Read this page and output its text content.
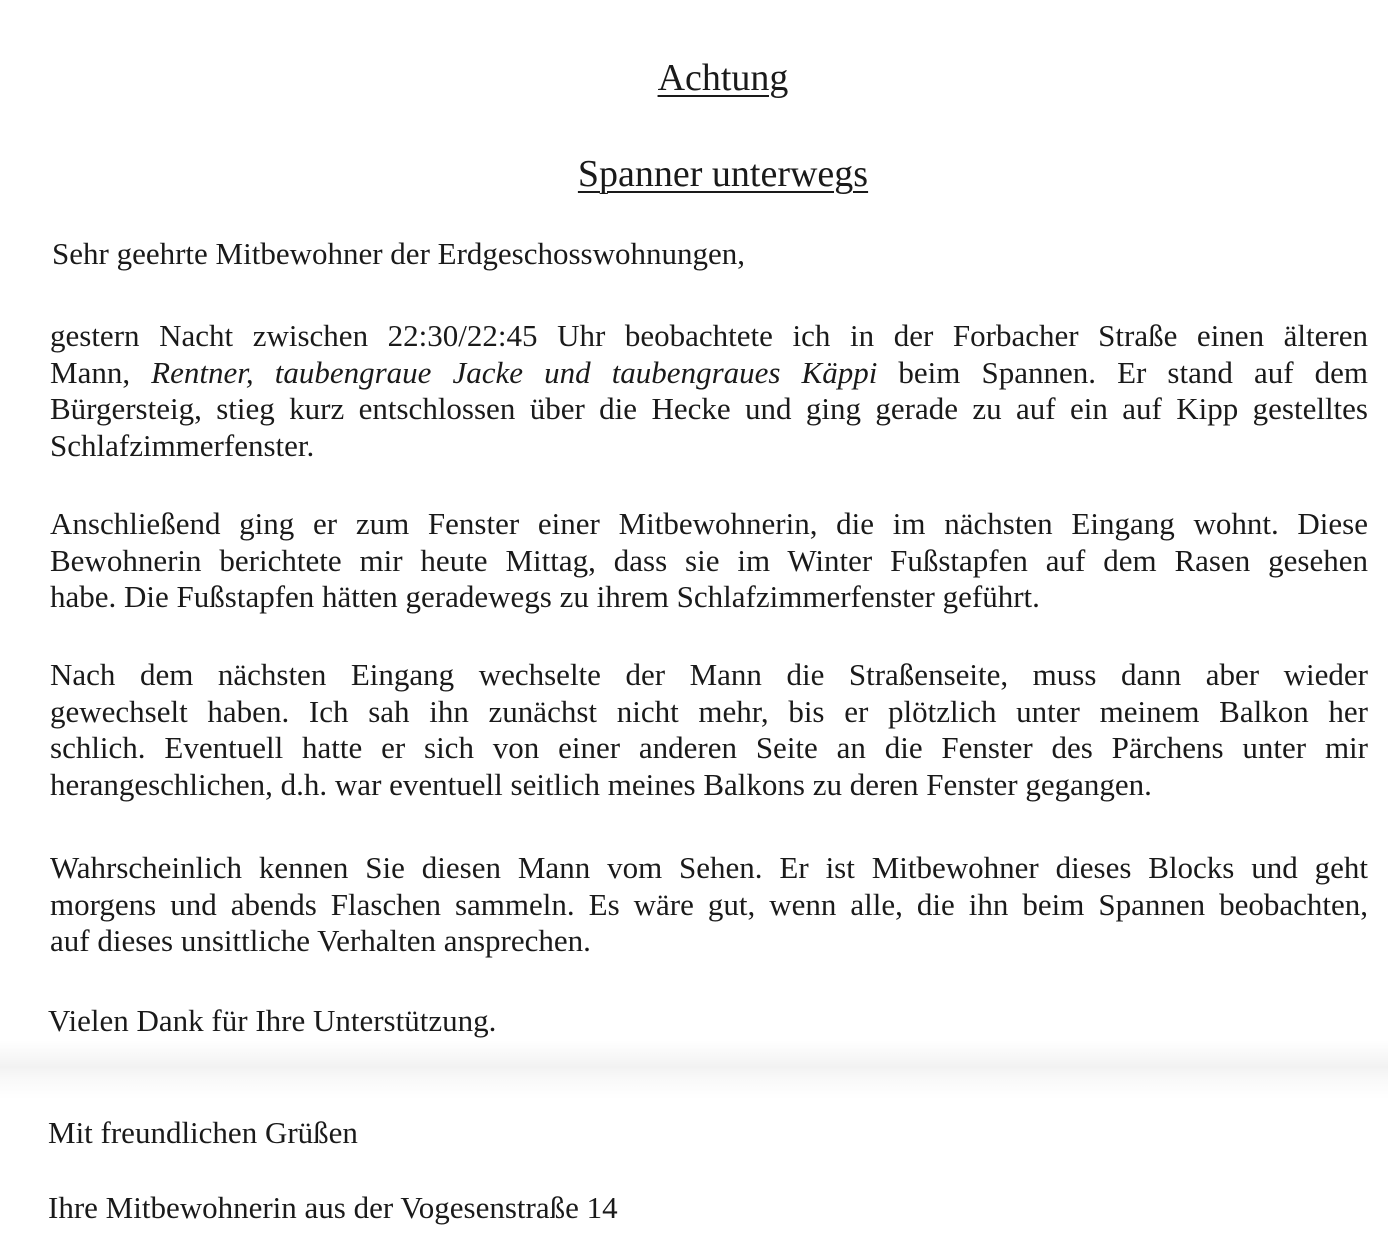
Achtung
Spanner unterwegs
Sehr geehrte Mitbewohner der Erdgeschosswohnungen,
gestern Nacht zwischen 22:30/22:45 Uhr beobachtete ich in der Forbacher Straße einen älteren
Mann, Rentner, taubengraue Jacke und taubengraues Käppi beim Spannen. Er stand auf dem
Bürgersteig, stieg kurz entschlossen über die Hecke und ging gerade zu auf ein auf Kipp gestelltes
Schlafzimmerfenster.
Anschließend ging er zum Fenster einer Mitbewohnerin, die im nächsten Eingang wohnt. Diese
Bewohnerin berichtete mir heute Mittag, dass sie im Winter Fußstapfen auf dem Rasen gesehen
habe. Die Fußstapfen hätten geradewegs zu ihrem Schlafzimmerfenster geführt.
Nach dem nächsten Eingang wechselte der Mann die Straßenseite, muss dann aber wieder
gewechselt haben. Ich sah ihn zunächst nicht mehr, bis er plötzlich unter meinem Balkon her
schlich. Eventuell hatte er sich von einer anderen Seite an die Fenster des Pärchens unter mir
herangeschlichen, d.h. war eventuell seitlich meines Balkons zu deren Fenster gegangen.
Wahrscheinlich kennen Sie diesen Mann vom Sehen. Er ist Mitbewohner dieses Blocks und geht
morgens und abends Flaschen sammeln. Es wäre gut, wenn alle, die ihn beim Spannen beobachten,
auf dieses unsittliche Verhalten ansprechen.
Vielen Dank für Ihre Unterstützung.
Mit freundlichen Grüßen
Ihre Mitbewohnerin aus der Vogesenstraße 14
